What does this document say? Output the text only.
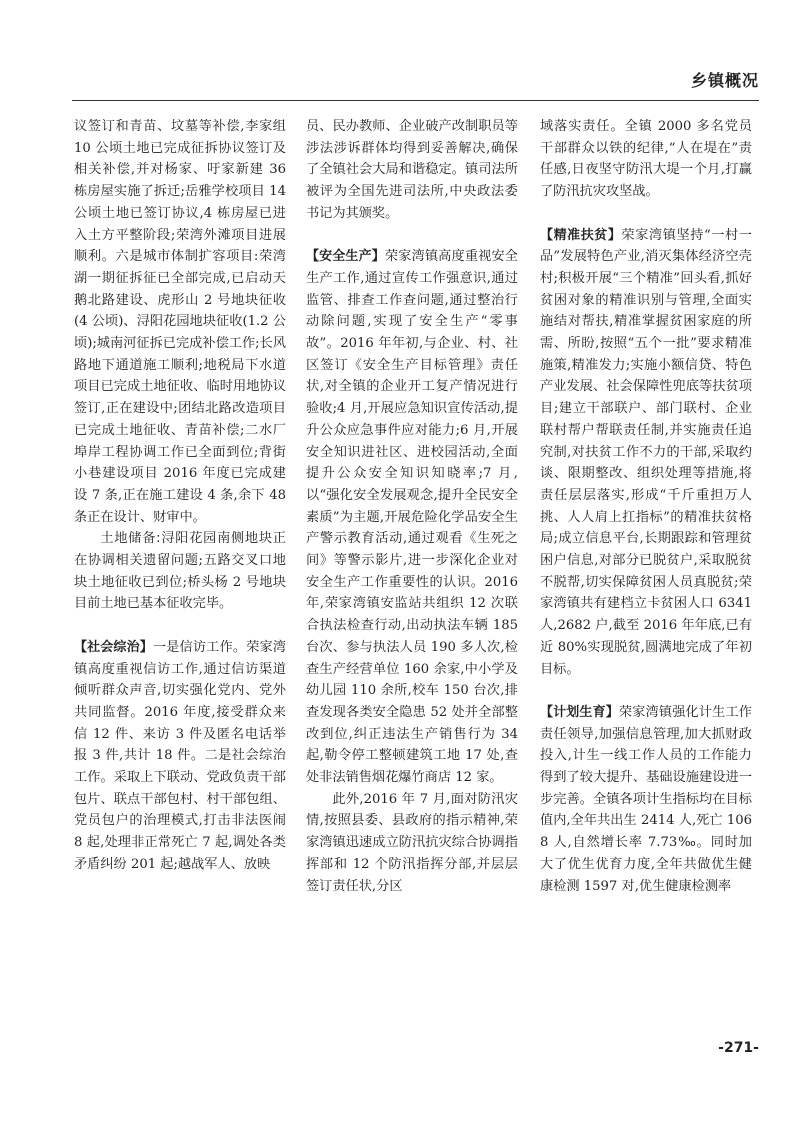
乡镇概况

议签订和青苗、坟墓等补偿,李家组 10 公顷土地已完成征拆协议签订及相关补偿,并对杨家、吁家新建 36 栋房屋实施了拆迁;岳雅学校项目 14 公顷土地已签订协议,4 栋房屋已进入土方平整阶段;荣湾外滩项目进展顺利。六是城市体制扩容项目:荣湾湖一期征拆征已全部完成,已启动天鹅北路建设、虎形山 2 号地块征收(4 公顷)、浔阳花园地块征收(1.2 公顷);城南河征拆已完成补偿工作;长风路地下通道施工顺利;地税局下水道项目已完成土地征收、临时用地协议签订,正在建设中;团结北路改造项目已完成土地征收、青苗补偿;二水厂埠岸工程协调工作已全面到位;背街小巷建设项目 2016 年度已完成建设 7 条,正在施工建设 4 条,余下 48 条正在设计、财审中。

土地储备:浔阳花园南侧地块正在协调相关遗留问题;五路交叉口地块土地征收已到位;桥头杨 2 号地块目前土地已基本征收完毕。

【社会综治】一是信访工作。荣家湾镇高度重视信访工作,通过信访渠道倾听群众声音,切实强化党内、党外共同监督。2016 年度,接受群众来信 12 件、来访 3 件及匿名电话举报 3 件,共计 18 件。二是社会综治工作。采取上下联动、党政负责干部包片、联点干部包村、村干部包组、党员包户的治理模式,打击非法医闹 8 起,处理非正常死亡 7 起,调处各类矛盾纠纷 201 起;越战军人、放映

员、民办教师、企业破产改制职员等涉法涉诉群体均得到妥善解决,确保了全镇社会大局和谐稳定。镇司法所被评为全国先进司法所,中央政法委书记为其颁奖。

【安全生产】荣家湾镇高度重视安全生产工作,通过宣传工作强意识,通过监管、排查工作查问题,通过整治行动除问题,实现了安全生产“零事故”。2016 年年初,与企业、村、社区签订《安全生产目标管理》责任状,对全镇的企业开工复产情况进行验收;4 月,开展应急知识宣传活动,提升公众应急事件应对能力;6 月,开展安全知识进社区、进校园活动,全面提升公众安全知识知晓率;7 月,以“强化安全发展观念,提升全民安全素质”为主题,开展危险化学品安全生产警示教育活动,通过观看《生死之间》等警示影片,进一步深化企业对安全生产工作重要性的认识。2016 年,荣家湾镇安监站共组织 12 次联合执法检查行动,出动执法车辆 185 台次、参与执法人员 190 多人次,检查生产经营单位 160 余家,中小学及幼儿园 110 余所,校车 150 台次,排查发现各类安全隐患 52 处并全部整改到位,纠正违法生产销售行为 34 起,勒令停工整顿建筑工地 17 处,查处非法销售烟花爆竹商店 12 家。

此外,2016 年 7 月,面对防汛灾情,按照县委、县政府的指示精神,荣家湾镇迅速成立防汛抗灾综合协调指挥部和 12 个防汛指挥分部,并层层签订责任状,分区

域落实责任。全镇 2000 多名党员干部群众以铁的纪律,“人在堤在”责任感,日夜坚守防汛大堤一个月,打赢了防汛抗灾攻坚战。

【精准扶贫】荣家湾镇坚持“一村一品”发展特色产业,消灭集体经济空壳村;积极开展“三个精准”回头看,抓好贫困对象的精准识别与管理,全面实施结对帮扶,精准掌握贫困家庭的所需、所盼,按照“五个一批”要求精准施策,精准发力;实施小额信贷、特色产业发展、社会保障性兜底等扶贫项目;建立干部联户、部门联村、企业联村帮户帮联责任制,并实施责任追究制,对扶贫工作不力的干部,采取约谈、限期整改、组织处理等措施,将责任层层落实,形成“千斤重担万人挑、人人肩上扛指标”的精准扶贫格局;成立信息平台,长期跟踪和管理贫困户信息,对部分已脱贫户,采取脱贫不脱帮,切实保障贫困人员真脱贫;荣家湾镇共有建档立卡贫困人口 6341 人,2682 户,截至 2016 年年底,已有近 80%实现脱贫,圆满地完成了年初目标。

【计划生育】荣家湾镇强化计生工作责任领导,加强信息管理,加大抓财政投入,计生一线工作人员的工作能力得到了较大提升、基础设施建设进一步完善。全镇各项计生指标均在目标值内,全年共出生 2414 人,死亡 1068 人,自然增长率 7.73‰。同时加大了优生优育力度,全年共做优生健康检测 1597 对,优生健康检测率

-271-
